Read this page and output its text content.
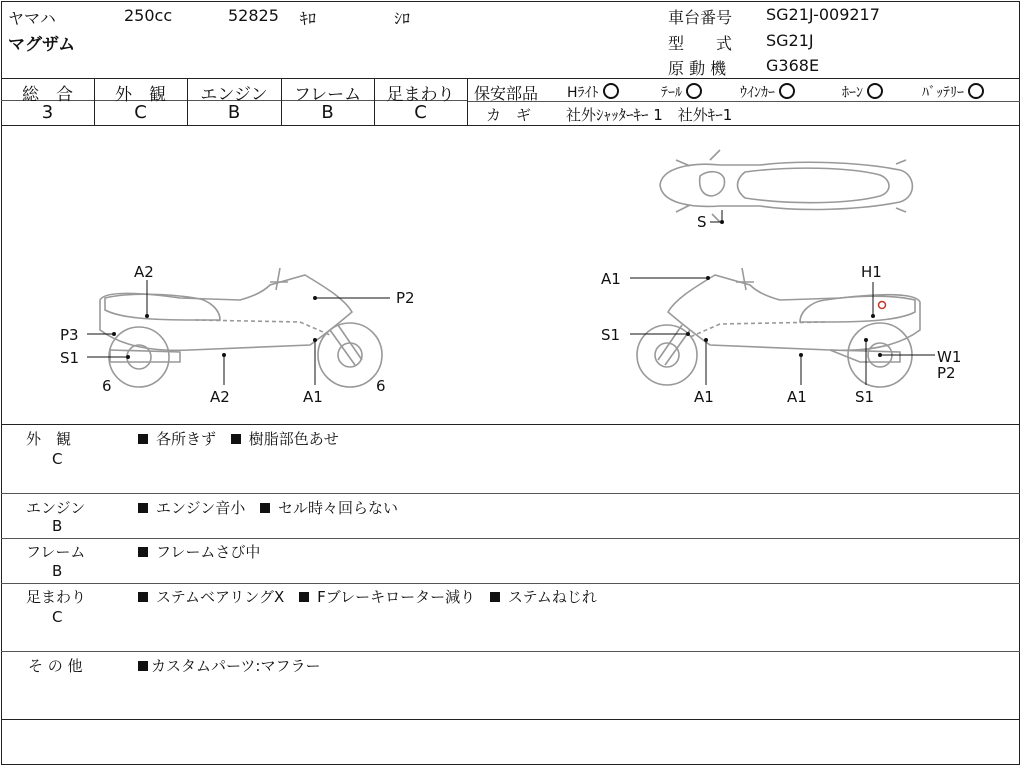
ヤマハ	250cc	52825 ｷﾛ	ｼﾛ
マグザム
車台番号 SG21J-009217
型　　式 SG21J
原 動 機 G368E
総　合	外　観	エンジン	フレーム	足まわり
3	C	B	B	C
保安部品 Hﾗｲﾄ	ﾃｰﾙ	ｳｲﾝｶｰ	ﾎｰﾝ	ﾊﾞｯﾃﾘｰ
カ　ギ 社外ｼｬｯﾀｰｷｰ 1　社外ｷｰ1
S
A2
P2
P3
S1
6
A2	A1
6
A1	H1
S1
W1
P2
A1	A1	S1
外　観
C
各所きず 樹脂部色あせ
エンジン
B
エンジン音小 セル時々回らない
フレーム
B
フレームさび中
足まわり
C
ステムベアリングX Fブレーキローター減り ステムねじれ
そ の 他	カスタムパーツ:マフラー
